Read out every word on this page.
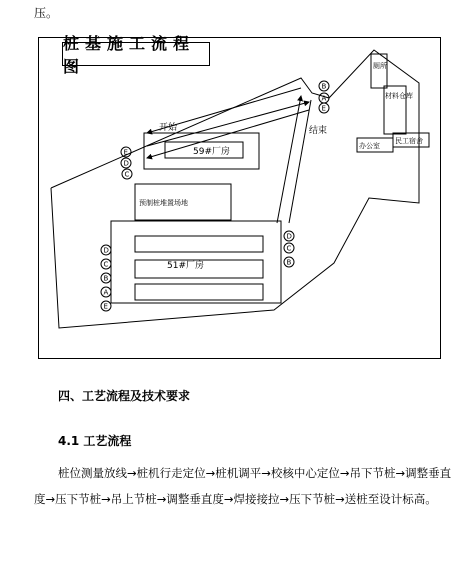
压。
开始	结束
59#厂房
51#厂房
预制桩堆置场地
厕所
材料仓库
办公室
民工宿舍
E
D
C
B
A
E
D
C
B
A
E
D
C
B
桩基施工流程图
四、工艺流程及技术要求
4.1 工艺流程
桩位测量放线→桩机行走定位→桩机调平→校核中心定位→吊下节桩→调整垂直度→压下节桩→吊上节桩→调整垂直度→焊接接拉→压下节桩→送桩至设计标高。
